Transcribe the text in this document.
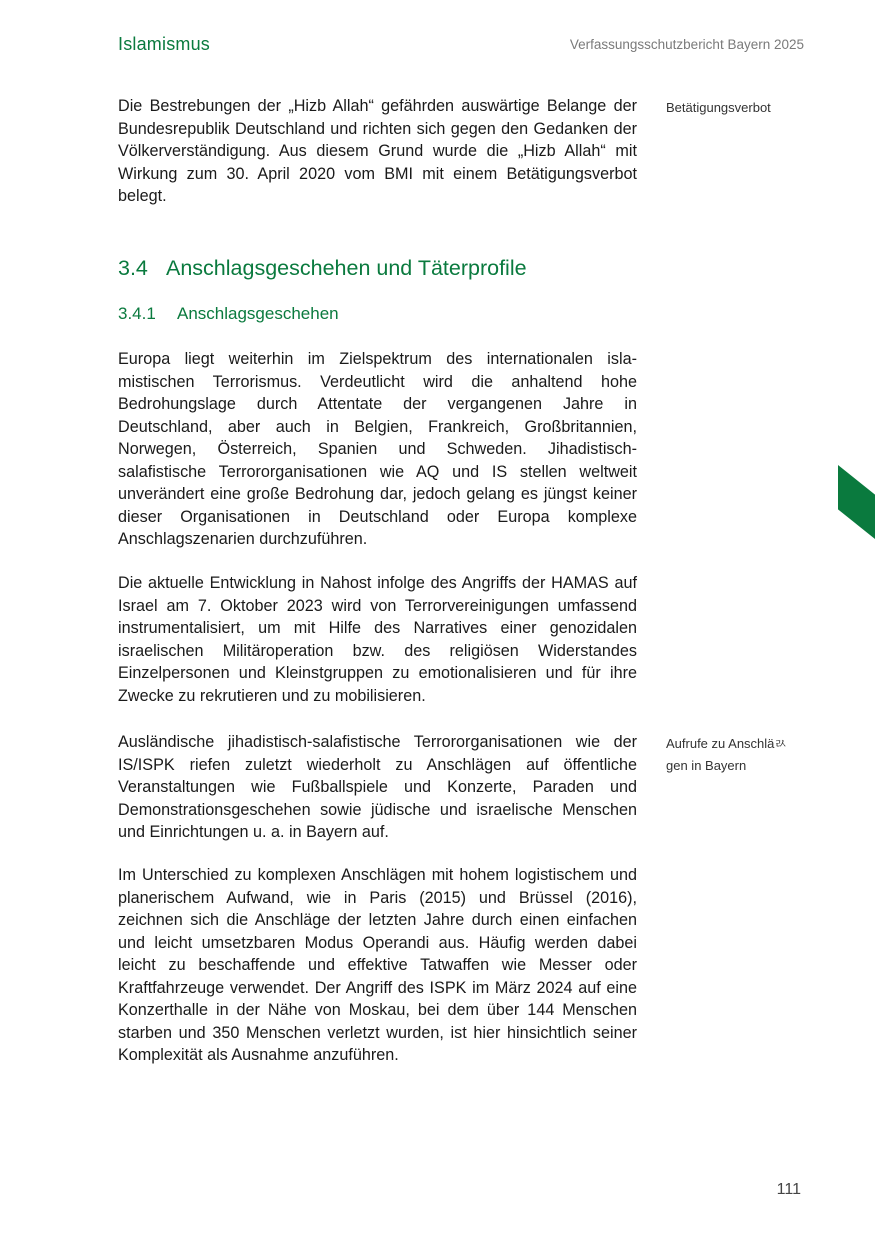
Islamismus	Verfassungsschutzbericht Bayern 2025
Betätigungsverbot

Die Bestrebungen der „Hizb Allah“ gefährden auswärtige Belange der Bundesrepublik Deutschland und richten sich gegen den Gedanken der Völkerverständigung. Aus diesem Grund wurde die „Hizb Allah“ mit Wirkung zum 30. April 2020 vom BMI mit einem Betätigungsverbot belegt.

3.4 Anschlagsgeschehen und Täterprofile
3.4.1 Anschlagsgeschehen

Europa liegt weiterhin im Zielspektrum des internationalen islamistischen Terrorismus. Verdeutlicht wird die anhaltend hohe Bedrohungslage durch Attentate der vergangenen Jahre in Deutschland, aber auch in Belgien, Frankreich, Großbritannien, Norwegen, Österreich, Spanien und Schweden. Jihadistisch-salafistische Terrororganisationen wie AQ und IS stellen weltweit unverändert eine große Bedrohung dar, jedoch gelang es jüngst keiner dieser Organisationen in Deutschland oder Europa komplexe Anschlagszenarien durchzuführen.

Die aktuelle Entwicklung in Nahost infolge des Angriffs der HAMAS auf Israel am 7. Oktober 2023 wird von Terrorvereinigungen umfassend instrumentalisiert, um mit Hilfe des Narratives einer genozidalen israelischen Militäroperation bzw. des religiösen Widerstandes Einzelpersonen und Kleinstgruppen zu emotionalisieren und für ihre Zwecke zu rekrutieren und zu mobilisieren.

Aufrufe zu Anschläﾭgen in Bayern

Ausländische jihadistisch-salafistische Terrororganisationen wie der IS/ISPK riefen zuletzt wiederholt zu Anschlägen auf öffentliche Veranstaltungen wie Fußballspiele und Konzerte, Paraden und Demonstrationsgeschehen sowie jüdische und israelische Menschen und Einrichtungen u. a. in Bayern auf.

Im Unterschied zu komplexen Anschlägen mit hohem logistischem und planerischem Aufwand, wie in Paris (2015) und Brüssel (2016), zeichnen sich die Anschläge der letzten Jahre durch einen einfachen und leicht umsetzbaren Modus Operandi aus. Häufig werden dabei leicht zu beschaffende und effektive Tatwaffen wie Messer oder Kraftfahrzeuge verwendet. Der Angriff des ISPK im März 2024 auf eine Konzerthalle in der Nähe von Moskau, bei dem über 144 Menschen starben und 350 Menschen verletzt wurden, ist hier hinsichtlich seiner Komplexität als Ausnahme anzuführen.

111
